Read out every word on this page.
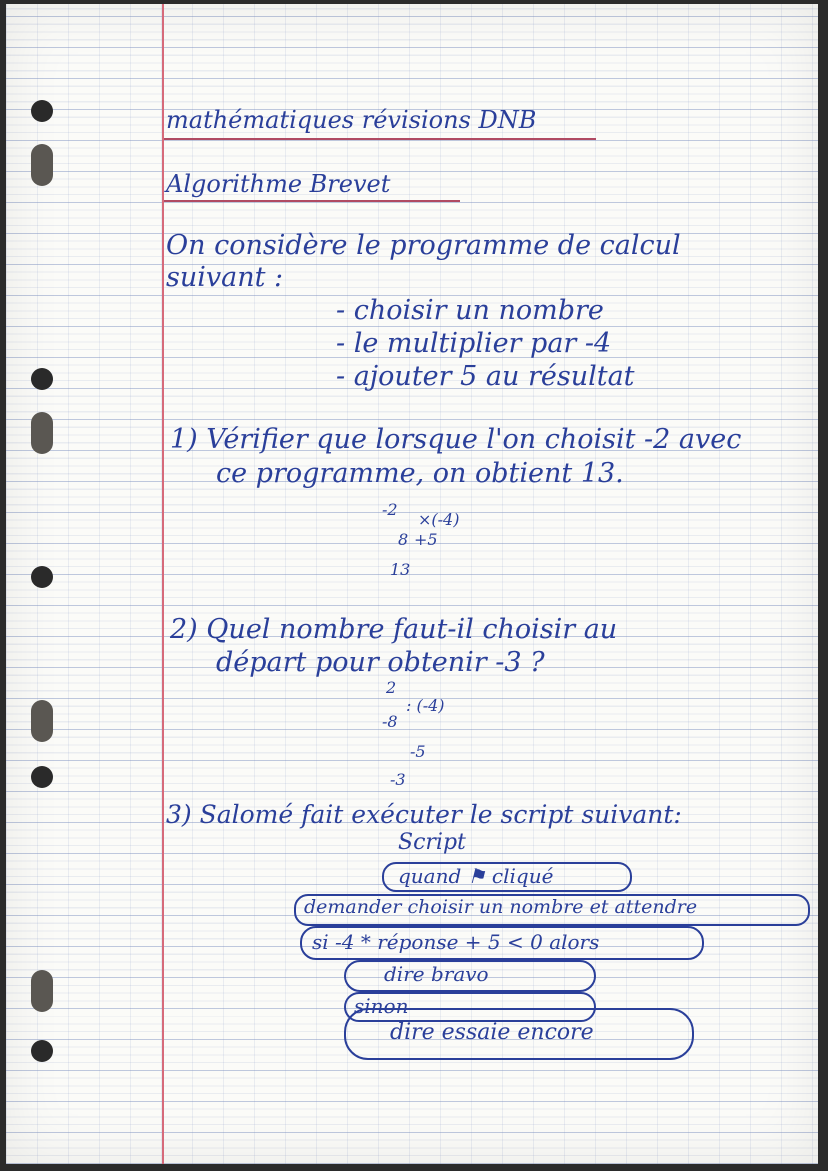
mathématiques révisions DNB
Algorithme Brevet
On considère le programme de calcul
suivant :
- choisir un nombre
- le multiplier par -4
- ajouter 5 au résultat
1) Vérifier que lorsque l'on choisit -2 avec
ce programme, on obtient 13.
-2
×(-4)
8 +5
13
2) Quel nombre faut-il choisir au
départ pour obtenir -3 ?
2
: (-4)
-8
-5
-3
3) Salomé fait exécuter le script suivant:
Script
quand ⚑ cliqué
demander choisir un nombre et attendre
si -4 * réponse + 5 < 0 alors
dire bravo
sinon
dire essaie encore
